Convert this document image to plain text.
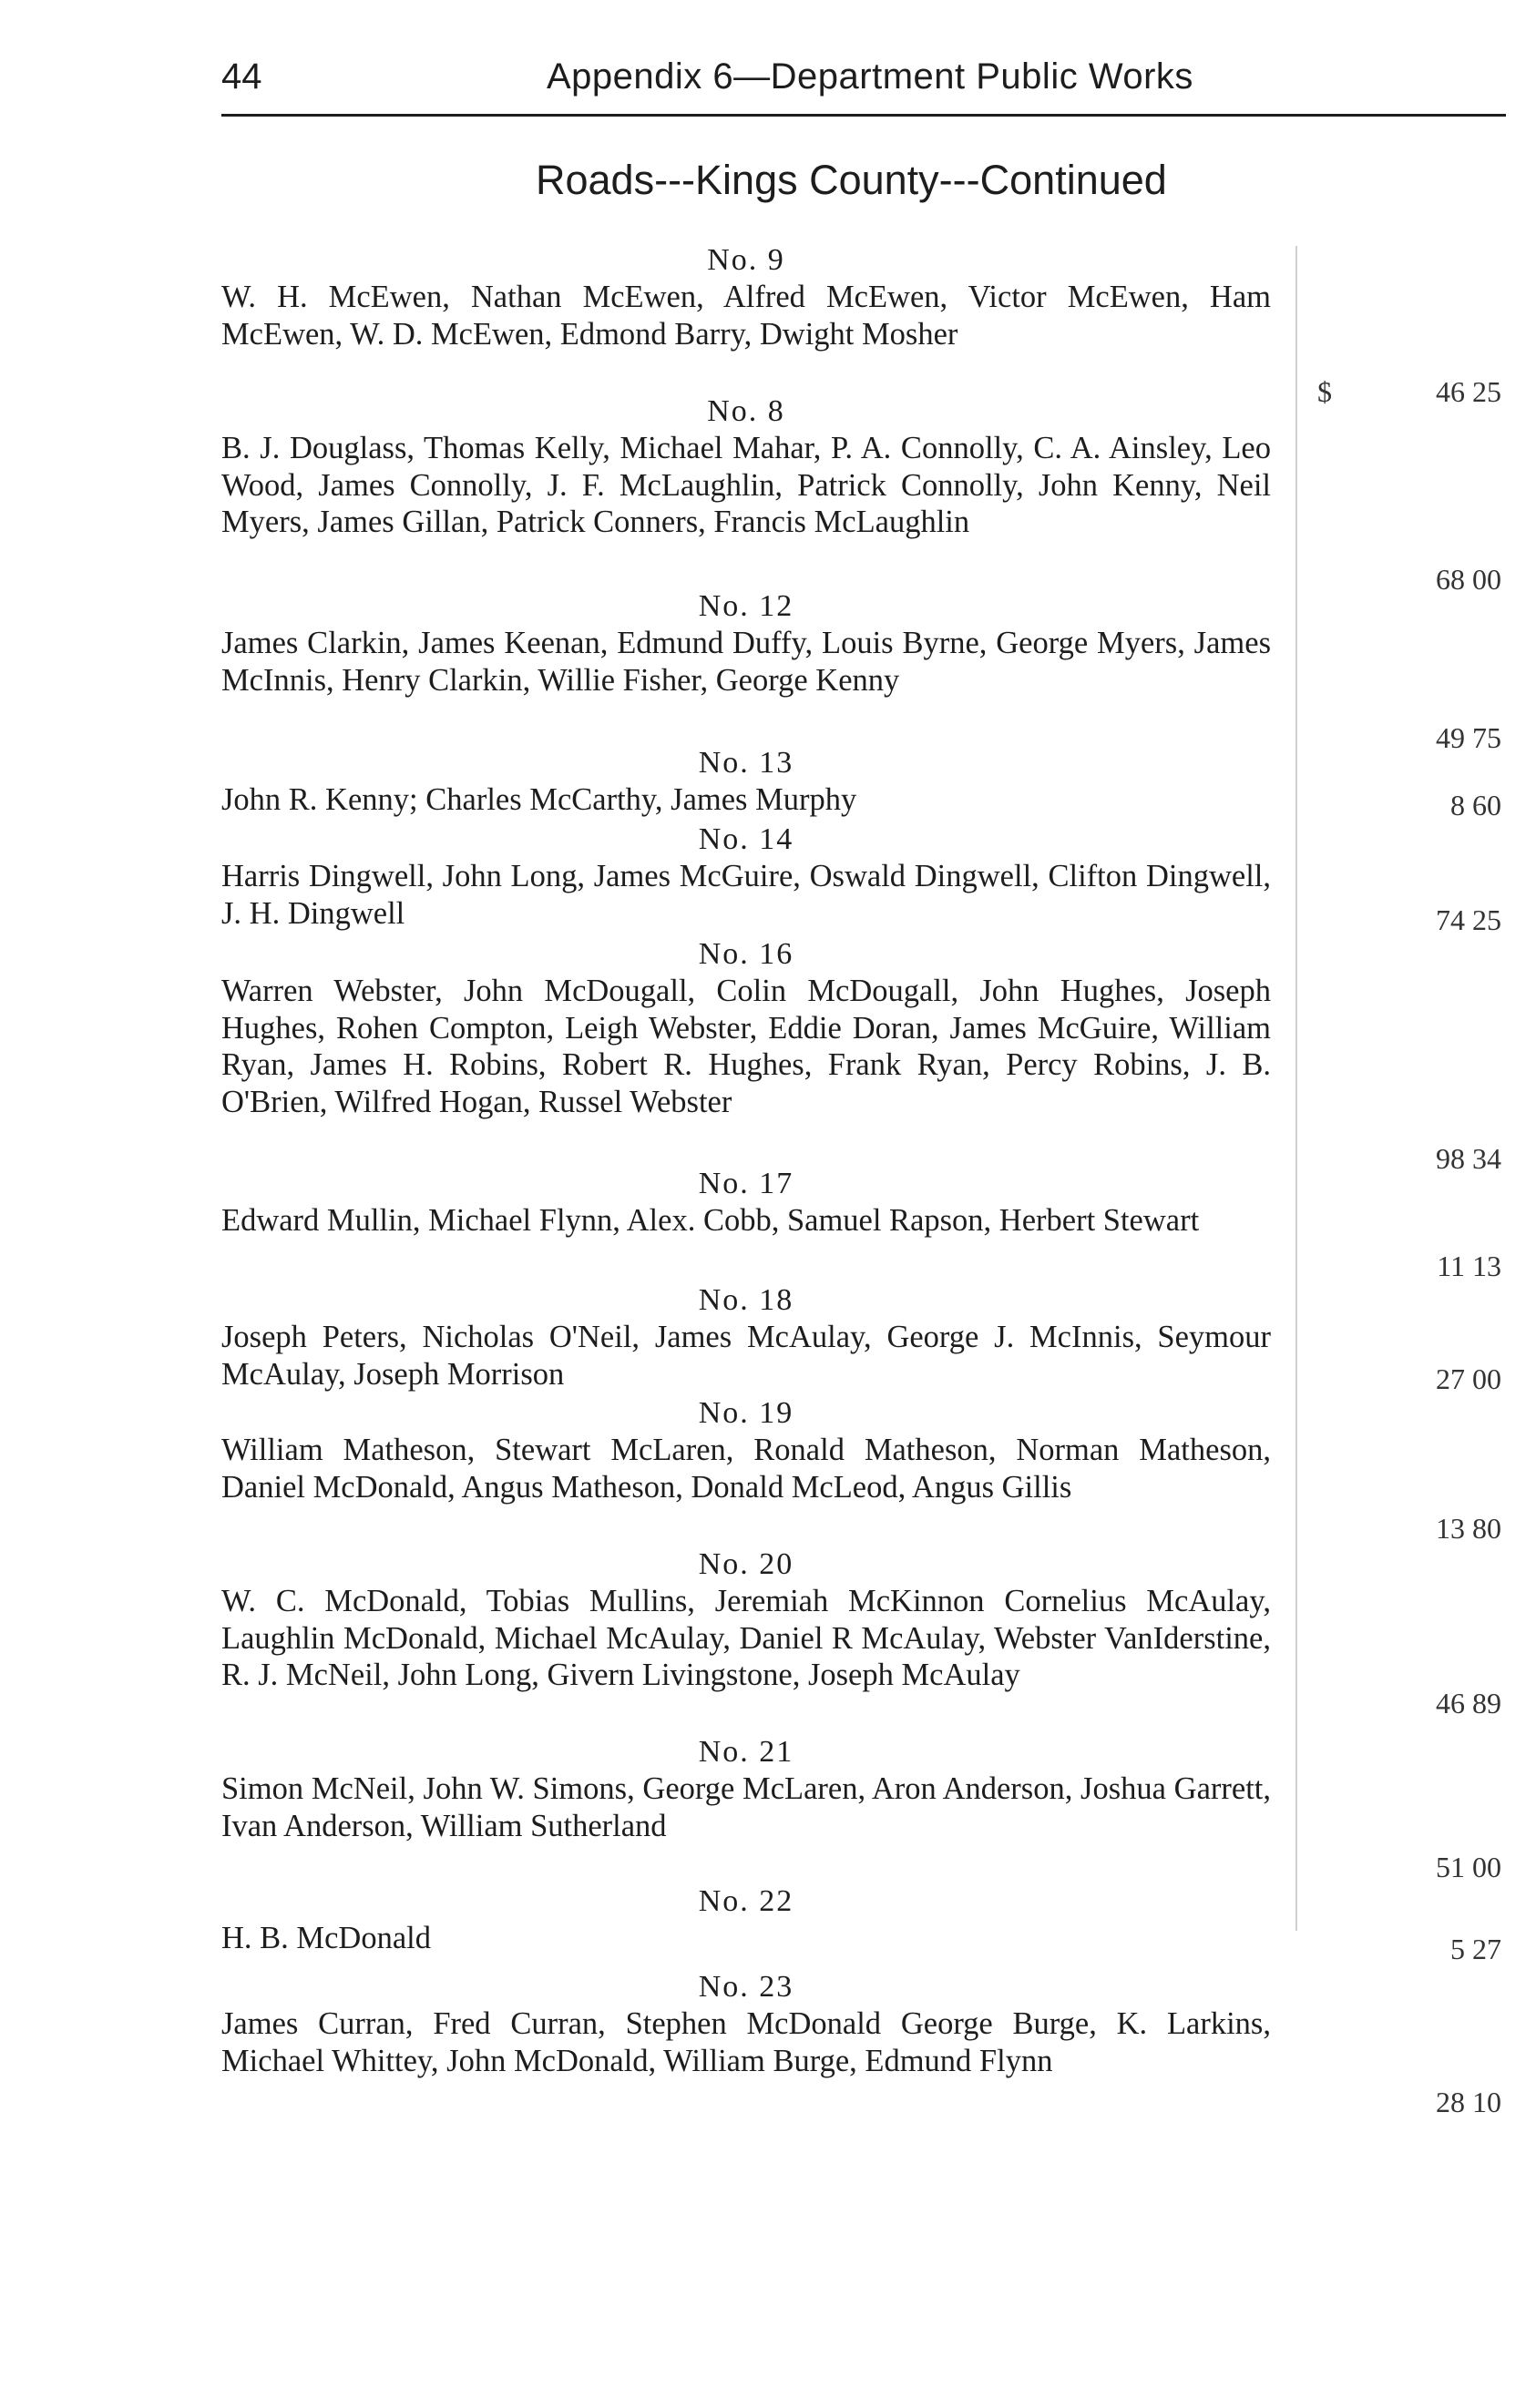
44	Appendix 6—Department Public Works
Roads---Kings County---Continued
No. 9
W. H. McEwen, Nathan McEwen, Alfred McEwen, Victor McEwen, Ham McEwen, W. D. McEwen, Edmond Barry, Dwight Mosher
$	46 25
No. 8
B. J. Douglass, Thomas Kelly, Michael Mahar, P. A. Connolly, C. A. Ainsley, Leo Wood, James Connolly, J. F. McLaughlin, Patrick Connolly, John Kenny, Neil Myers, James Gillan, Patrick Conners, Francis McLaughlin
68 00
No. 12
James Clarkin, James Keenan, Edmund Duffy, Louis Byrne, George Myers, James McInnis, Henry Clarkin, Willie Fisher, George Kenny
49 75
No. 13
John R. Kenny; Charles McCarthy, James Murphy	8 60
No. 14
Harris Dingwell, John Long, James McGuire, Oswald Dingwell, Clifton Dingwell, J. H. Dingwell	74 25
No. 16
Warren Webster, John McDougall, Colin McDougall, John Hughes, Joseph Hughes, Rohen Compton, Leigh Webster, Eddie Doran, James McGuire, William Ryan, James H. Robins, Robert R. Hughes, Frank Ryan, Percy Robins, J. B. O'Brien, Wilfred Hogan, Russel Webster
98 34
No. 17
Edward Mullin, Michael Flynn, Alex. Cobb, Samuel Rapson, Herbert Stewart
11 13
No. 18
Joseph Peters, Nicholas O'Neil, James McAulay, George J. McInnis, Seymour McAulay, Joseph Morrison	27 00
No. 19
William Matheson, Stewart McLaren, Ronald Matheson, Norman Matheson, Daniel McDonald, Angus Matheson, Donald McLeod, Angus Gillis
13 80
No. 20
W. C. McDonald, Tobias Mullins, Jeremiah McKinnon Cornelius McAulay, Laughlin McDonald, Michael McAulay, Daniel R McAulay, Webster VanIderstine, R. J. McNeil, John Long, Givern Livingstone, Joseph McAulay
46 89
No. 21
Simon McNeil, John W. Simons, George McLaren, Aron Anderson, Joshua Garrett, Ivan Anderson, William Sutherland
51 00
No. 22
H. B. McDonald	5 27
No. 23
James Curran, Fred Curran, Stephen McDonald George Burge, K. Larkins, Michael Whittey, John McDonald, William Burge, Edmund Flynn
28 10
